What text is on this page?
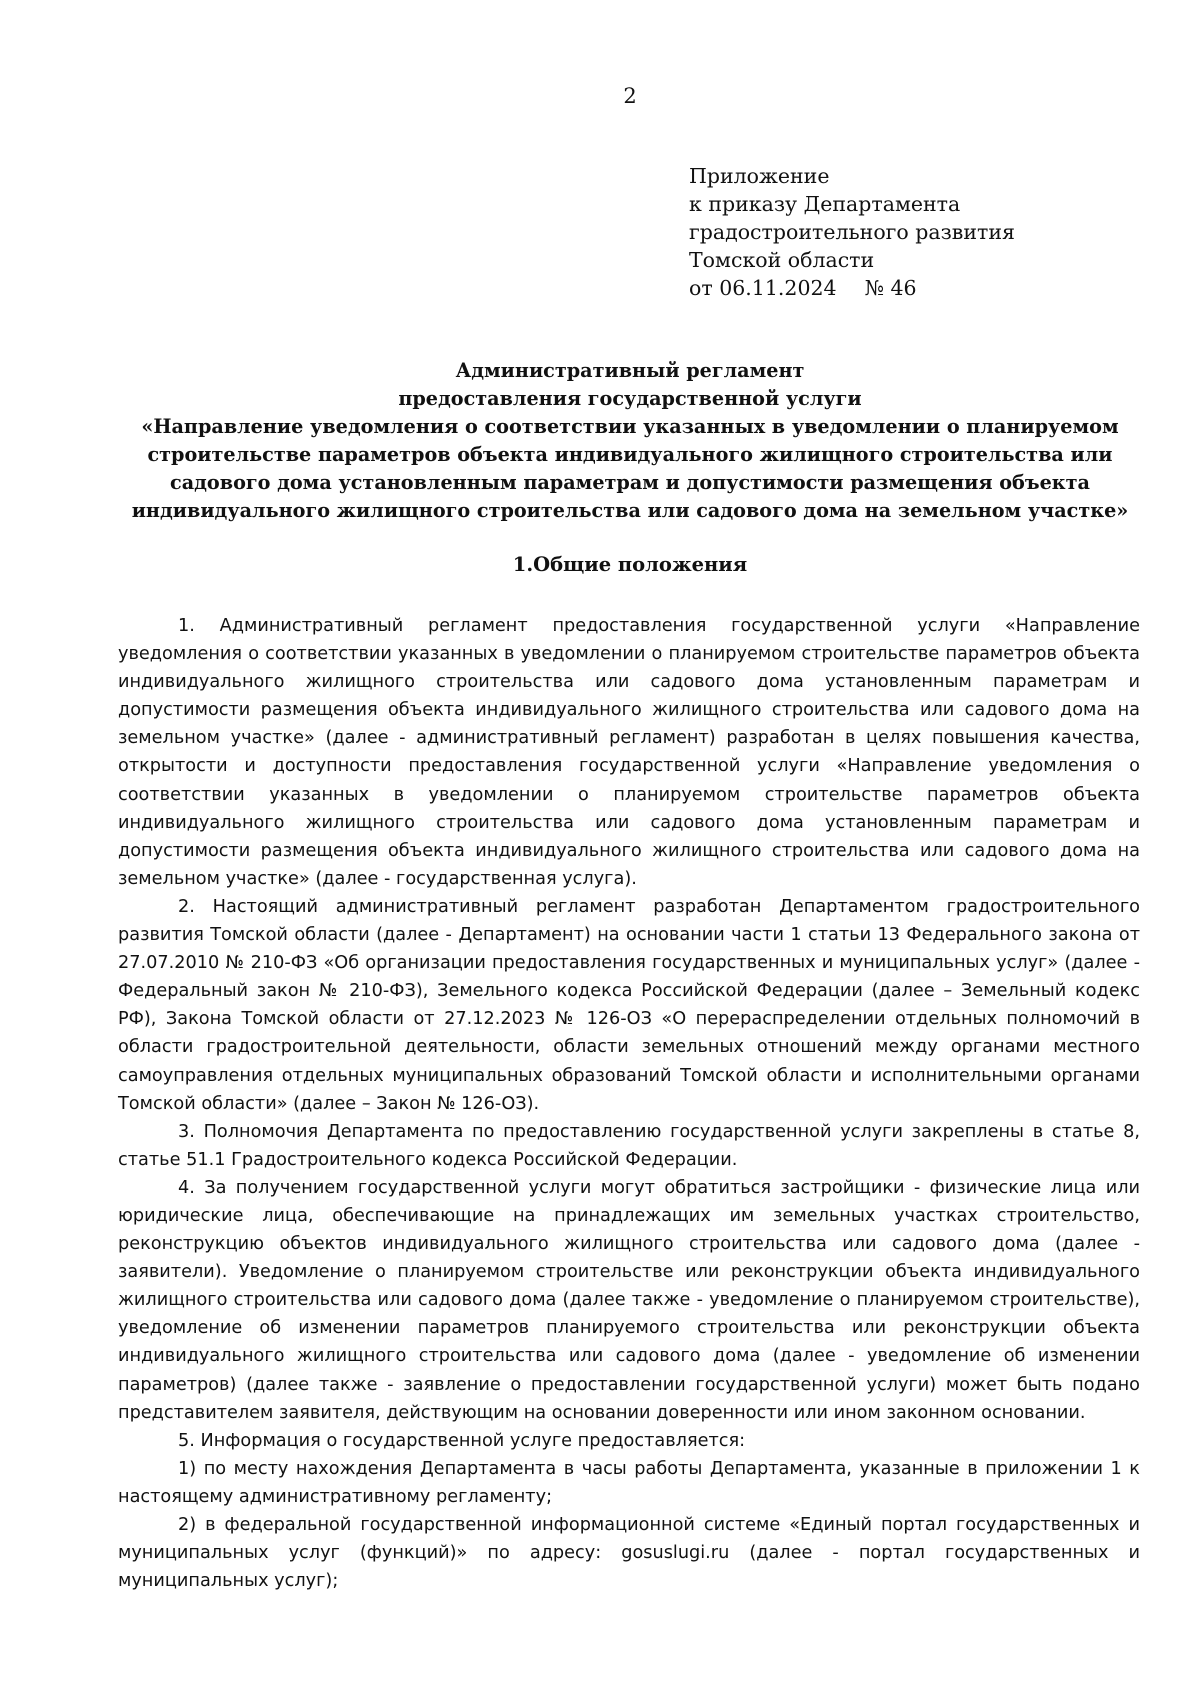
2
Приложение
к приказу Департамента
градостроительного развития
Томской области
от 06.11.2024 № 46
Административный регламент
предоставления государственной услуги
«Направление уведомления о соответствии указанных в уведомлении о планируемом
строительстве параметров объекта индивидуального жилищного строительства или
садового дома установленным параметрам и допустимости размещения объекта
индивидуального жилищного строительства или садового дома на земельном участке»
1.Общие положения

1. Административный регламент предоставления государственной услуги «Направление уведомления о соответствии указанных в уведомлении о планируемом строительстве параметров объекта индивидуального жилищного строительства или садового дома установленным параметрам и допустимости размещения объекта индивидуального жилищного строительства или садового дома на земельном участке» (далее - административный регламент) разработан в целях повышения качества, открытости и доступности предоставления государственной услуги «Направление уведомления о соответствии указанных в уведомлении о планируемом строительстве параметров объекта индивидуального жилищного строительства или садового дома установленным параметрам и допустимости размещения объекта индивидуального жилищного строительства или садового дома на земельном участке» (далее - государственная услуга).

2. Настоящий административный регламент разработан Департаментом градостроительного развития Томской области (далее - Департамент) на основании части 1 статьи 13 Федерального закона от 27.07.2010 № 210-ФЗ «Об организации предоставления государственных и муниципальных услуг» (далее - Федеральный закон № 210-ФЗ), Земельного кодекса Российской Федерации (далее – Земельный кодекс РФ), Закона Томской области от 27.12.2023 № 126-ОЗ «О перераспределении отдельных полномочий в области градостроительной деятельности, области земельных отношений между органами местного самоуправления отдельных муниципальных образований Томской области и исполнительными органами Томской области» (далее – Закон № 126-ОЗ).

3. Полномочия Департамента по предоставлению государственной услуги закреплены в статье 8, статье 51.1 Градостроительного кодекса Российской Федерации.

4. За получением государственной услуги могут обратиться застройщики - физические лица или юридические лица, обеспечивающие на принадлежащих им земельных участках строительство, реконструкцию объектов индивидуального жилищного строительства или садового дома (далее - заявители). Уведомление о планируемом строительстве или реконструкции объекта индивидуального жилищного строительства или садового дома (далее также - уведомление о планируемом строительстве), уведомление об изменении параметров планируемого строительства или реконструкции объекта индивидуального жилищного строительства или садового дома (далее - уведомление об изменении параметров) (далее также - заявление о предоставлении государственной услуги) может быть подано представителем заявителя, действующим на основании доверенности или ином законном основании.

5. Информация о государственной услуге предоставляется:

1) по месту нахождения Департамента в часы работы Департамента, указанные в приложении 1 к настоящему административному регламенту;

2) в федеральной государственной информационной системе «Единый портал государственных и муниципальных услуг (функций)» по адресу: gosuslugi.ru (далее - портал государственных и муниципальных услуг);
